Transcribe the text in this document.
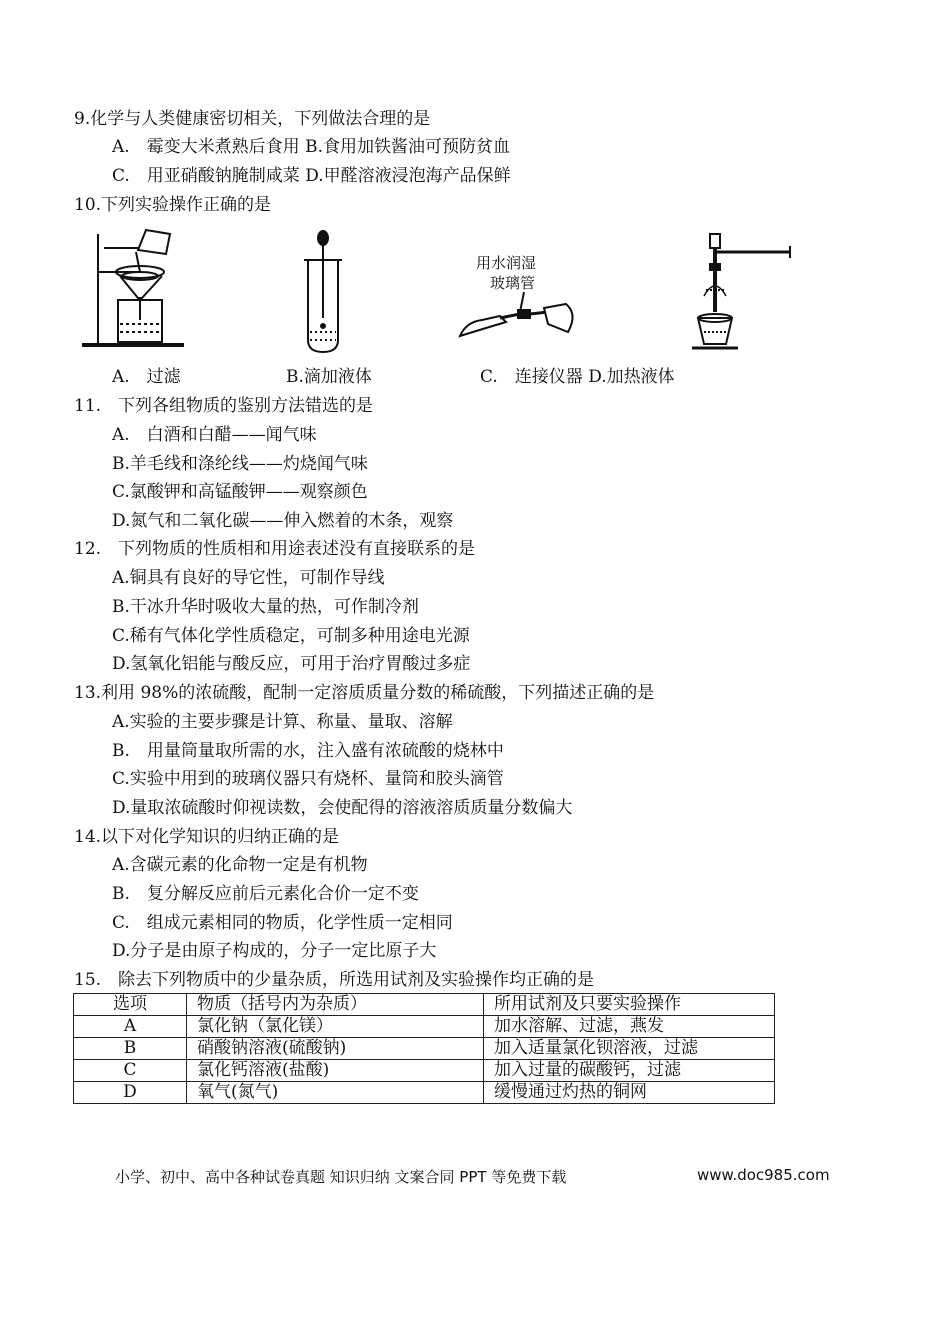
9.化学与人类健康密切相关，下列做法合理的是
A.　霉变大米煮熟后食用 B.食用加铁酱油可预防贫血
C.　用亚硝酸钠腌制咸菜 D.甲醛溶液浸泡海产品保鲜
10.下列实验操作正确的是
用水润湿
玻璃管
A.　过滤	B.滴加液体	C.　连接仪器 D.加热液体
11.　下列各组物质的鉴别方法错选的是
A.　白酒和白醋——闻气味
B.羊毛线和涤纶线——灼烧闻气味
C.氯酸钾和高锰酸钾——观察颜色
D.氮气和二氧化碳——伸入燃着的木条，观察
12.　下列物质的性质相和用途表述没有直接联系的是
A.铜具有良好的导它性，可制作导线
B.干冰升华时吸收大量的热，可作制冷剂
C.稀有气体化学性质稳定，可制多种用途电光源
D.氢氧化铝能与酸反应，可用于治疗胃酸过多症
13.利用 98%的浓硫酸，配制一定溶质质量分数的稀硫酸，下列描述正确的是
A.实验的主要步骤是计算、称量、量取、溶解
B.　用量筒量取所需的水，注入盛有浓硫酸的烧林中
C.实验中用到的玻璃仪器只有烧杯、量筒和胶头滴管
D.量取浓硫酸时仰视读数，会使配得的溶液溶质质量分数偏大
14.以下对化学知识的归纳正确的是
A.含碳元素的化命物一定是有机物
B.　复分解反应前后元素化合价一定不变
C.　组成元素相同的物质，化学性质一定相同
D.分子是由原子构成的，分子一定比原子大
15.　除去下列物质中的少量杂质，所选用试剂及实验操作均正确的是
选项	物质（括号内为杂质）	所用试剂及只要实验操作
A	氯化钠（氯化镁）	加水溶解、过滤，燕发
B	硝酸钠溶液(硫酸钠)	加入适量氯化钡溶液，过滤
C	氯化钙溶液(盐酸)	加入过量的碳酸钙，过滤
D	氧气(氮气)	缓慢通过灼热的铜网
小学、初中、高中各种试卷真题 知识归纳 文案合同 PPT 等免费下载	www.doc985.com
